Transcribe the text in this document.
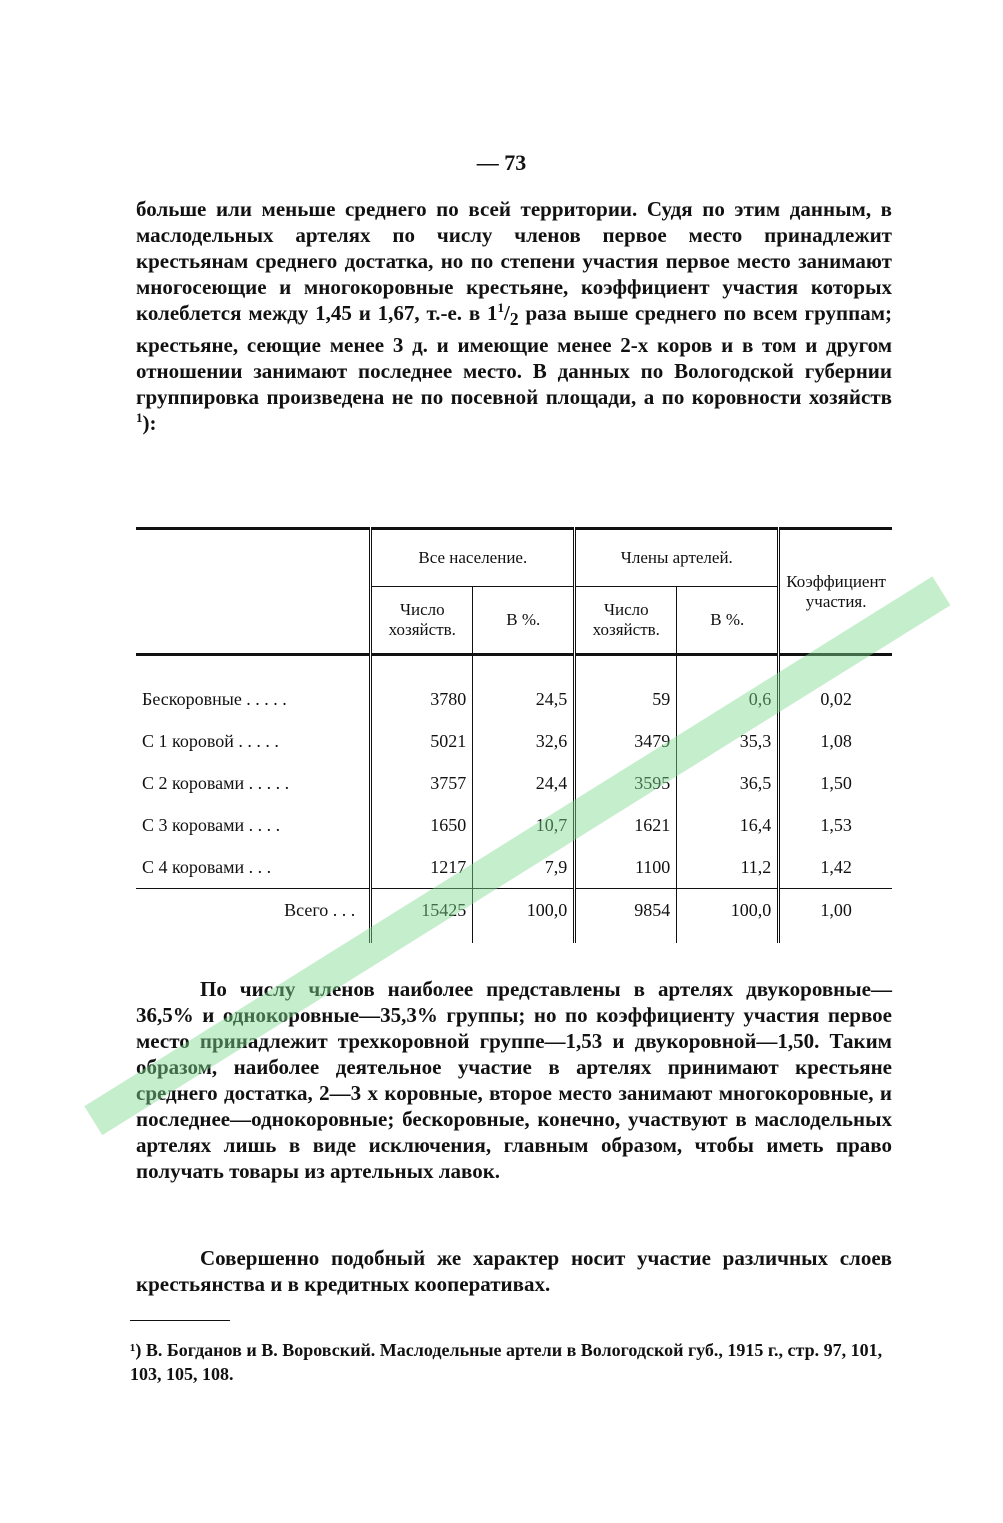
— 73

больше или меньше среднего по всей территории. Судя по этим данным, в маслодельных артелях по числу членов первое место принадлежит крестьянам среднего достатка, но по степени участия первое место занимают многосеющие и многокоровные крестьяне, коэффициент участия которых колеблется между 1,45 и 1,67, т.-е. в $1^1/_2$ раза выше среднего по всем группам; крестьяне, сеющие менее 3 д. и имеющие менее 2-х коров и в том и другом отношении занимают последнее место. В данных по Вологодской губернии группировка произведена не по посевной площади, а по коровности хозяйств $^1$):

	Все население.		Члены артелей.		Коэффициент участия.
	Число хозяйств.	В %.	Число хозяйств.	В %.	
Бескоровные . . . . .	3780	24,5	59	0,6	0,02
С 1 коровой . . . . .	5021	32,6	3479	35,3	1,08
С 2 коровами . . . . .	3757	24,4	3595	36,5	1,50
С 3 коровами . . . .	1650	10,7	1621	16,4	1,53
С 4 коровами . . .	1217	7,9	1100	11,2	1,42
Всего . . .	15425	100,0	9854	100,0	1,00

По числу членов наиболее представлены в артелях двукоровные—36,5% и однокоровные—35,3% группы; но по коэффициенту участия первое место принадлежит трехкоровной группе—1,53 и двукоровной—1,50. Таким образом, наиболее деятельное участие в артелях принимают крестьяне среднего достатка, 2—3 х коровные, второе место занимают многокоровные, и последнее—однокоровные; бескоровные, конечно, участвуют в маслодельных артелях лишь в виде исключения, главным образом, чтобы иметь право получать товары из артельных лавок.

Совершенно подобный же характер носит участие различных слоев крестьянства и в кредитных кооперативах.

¹) В. Богданов и В. Воровский. Маслодельные артели в Вологодской губ., 1915 г., стр. 97, 101, 103, 105, 108.
